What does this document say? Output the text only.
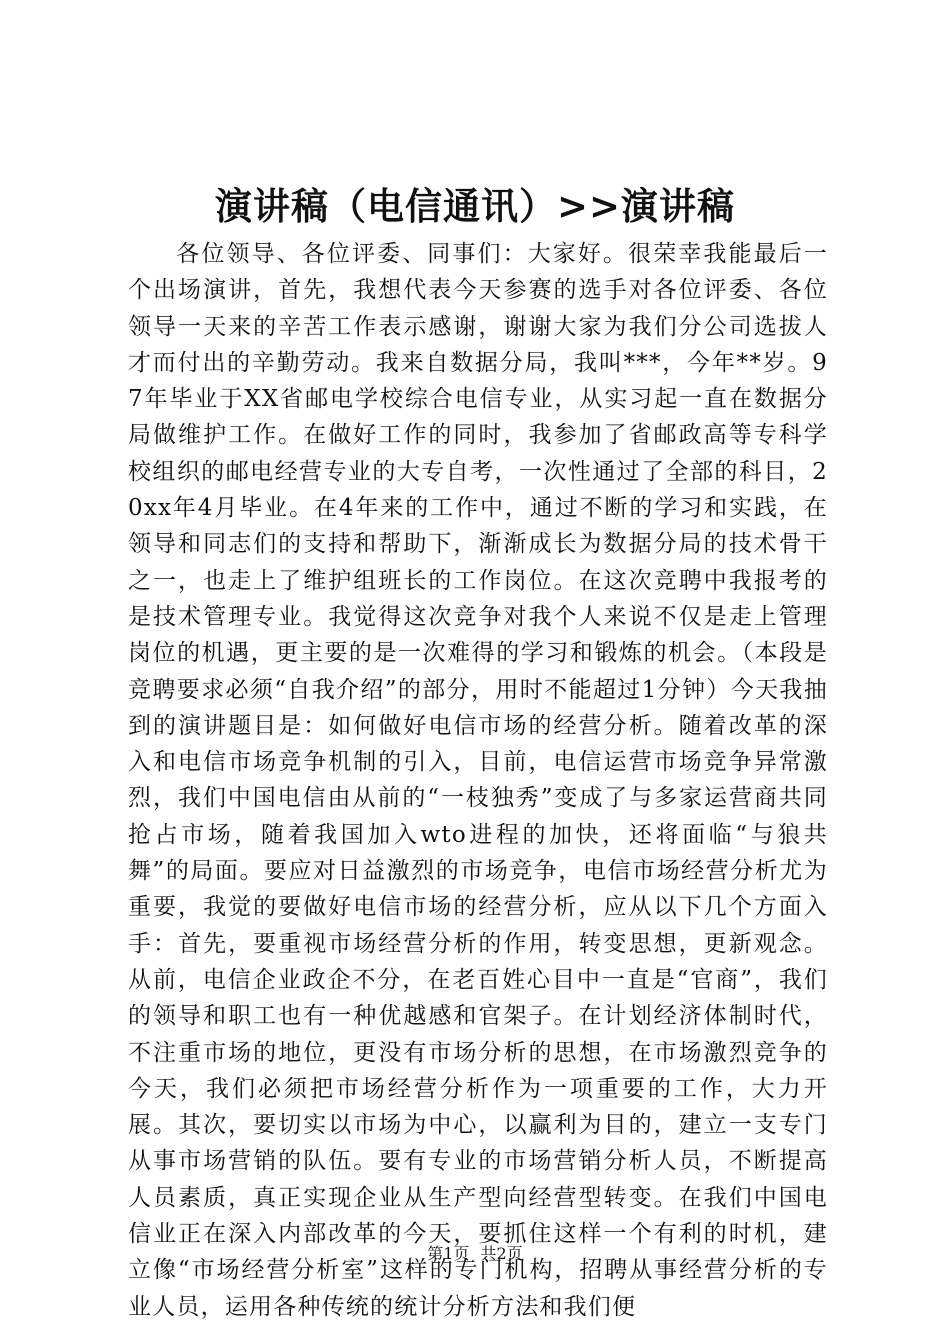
演讲稿（电信通讯）>>演讲稿

各位领导、各位评委、同事们：大家好。很荣幸我能最后一个出场演讲，首先，我想代表今天参赛的选手对各位评委、各位领导一天来的辛苦工作表示感谢，谢谢大家为我们分公司选拔人才而付出的辛勤劳动。我来自数据分局，我叫***，今年**岁。97年毕业于XX省邮电学校综合电信专业，从实习起一直在数据分局做维护工作。在做好工作的同时，我参加了省邮政高等专科学校组织的邮电经营专业的大专自考，一次性通过了全部的科目，20xx年4月毕业。在4年来的工作中，通过不断的学习和实践，在领导和同志们的支持和帮助下，渐渐成长为数据分局的技术骨干之一，也走上了维护组班长的工作岗位。在这次竞聘中我报考的是技术管理专业。我觉得这次竞争对我个人来说不仅是走上管理岗位的机遇，更主要的是一次难得的学习和锻炼的机会。（本段是竞聘要求必须“自我介绍”的部分，用时不能超过1分钟）今天我抽到的演讲题目是：如何做好电信市场的经营分析。随着改革的深入和电信市场竞争机制的引入，目前，电信运营市场竞争异常激烈，我们中国电信由从前的“一枝独秀”变成了与多家运营商共同抢占市场，随着我国加入wto进程的加快，还将面临“与狼共舞”的局面。要应对日益激烈的市场竞争，电信市场经营分析尤为重要，我觉的要做好电信市场的经营分析，应从以下几个方面入手：首先，要重视市场经营分析的作用，转变思想，更新观念。从前，电信企业政企不分，在老百姓心目中一直是“官商”，我们的领导和职工也有一种优越感和官架子。在计划经济体制时代，不注重市场的地位，更没有市场分析的思想，在市场激烈竞争的今天，我们必须把市场经营分析作为一项重要的工作，大力开展。其次，要切实以市场为中心，以赢利为目的，建立一支专门从事市场营销的队伍。要有专业的市场营销分析人员，不断提高人员素质，真正实现企业从生产型向经营型转变。在我们中国电信业正在深入内部改革的今天，要抓住这样一个有利的时机，建立像“市场经营分析室”这样的专门机构，招聘从事经营分析的专业人员，运用各种传统的统计分析方法和我们便

第1页 共2页
